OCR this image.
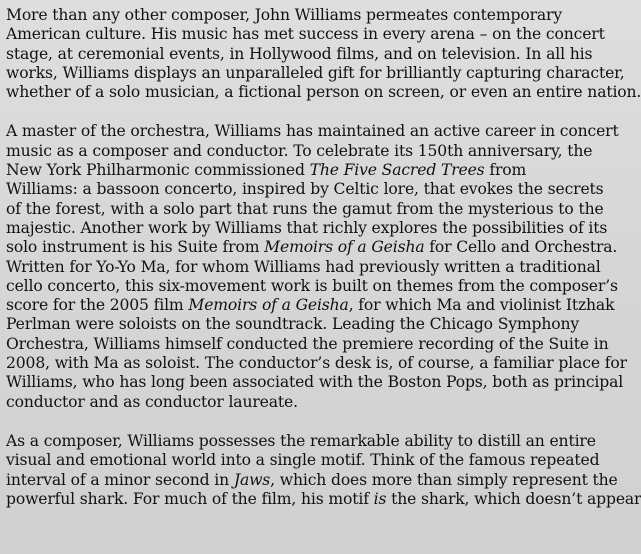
More than any other composer, John Williams permeates contemporary
American culture. His music has met success in every arena – on the concert
stage, at ceremonial events, in Hollywood films, and on television. In all his
works, Williams displays an unparalleled gift for brilliantly capturing character,
whether of a solo musician, a fictional person on screen, or even an entire nation.

A master of the orchestra, Williams has maintained an active career in concert
music as a composer and conductor. To celebrate its 150th anniversary, the
New York Philharmonic commissioned The Five Sacred Trees from
Williams: a bassoon concerto, inspired by Celtic lore, that evokes the secrets
of the forest, with a solo part that runs the gamut from the mysterious to the
majestic. Another work by Williams that richly explores the possibilities of its
solo instrument is his Suite from Memoirs of a Geisha for Cello and Orchestra.
Written for Yo-Yo Ma, for whom Williams had previously written a traditional
cello concerto, this six-movement work is built on themes from the composer’s
score for the 2005 film Memoirs of a Geisha, for which Ma and violinist Itzhak
Perlman were soloists on the soundtrack. Leading the Chicago Symphony
Orchestra, Williams himself conducted the premiere recording of the Suite in
2008, with Ma as soloist. The conductor’s desk is, of course, a familiar place for
Williams, who has long been associated with the Boston Pops, both as principal
conductor and as conductor laureate.

As a composer, Williams possesses the remarkable ability to distill an entire
visual and emotional world into a single motif. Think of the famous repeated
interval of a minor second in Jaws, which does more than simply represent the
powerful shark. For much of the film, his motif is the shark, which doesn’t appear
